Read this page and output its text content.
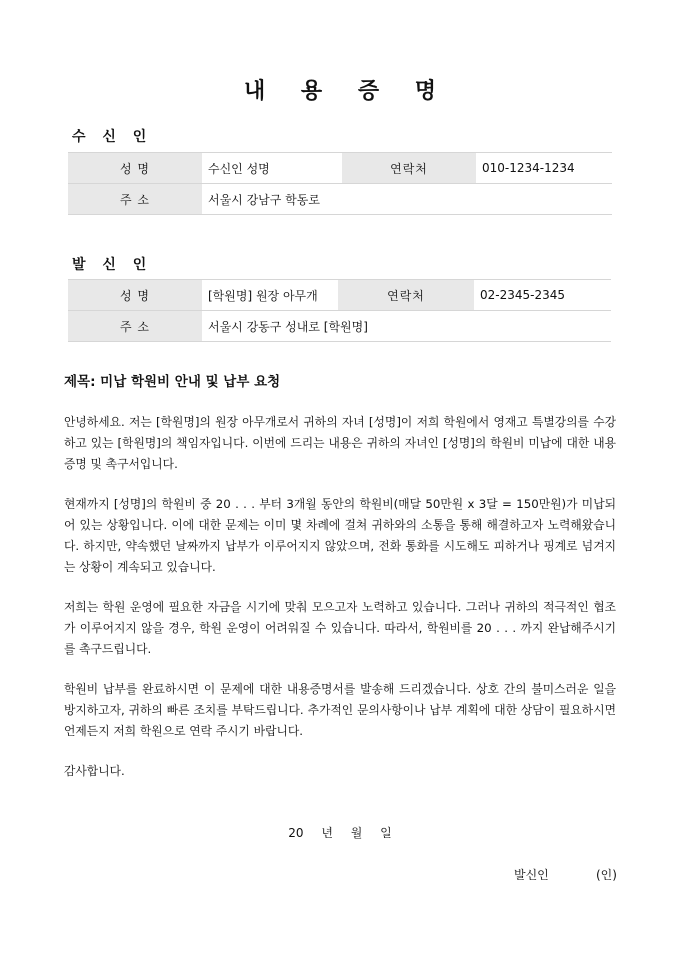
내 용 증 명
수 신 인
성 명	수신인 성명	연락처	010-1234-1234
주 소	서울시 강남구 학동로		
발 신 인
성 명	[학원명] 원장 아무개	연락처	02-2345-2345
주 소	서울시 강동구 성내로 [학원명]		
제목: 미납 학원비 안내 및 납부 요청

안녕하세요. 저는 [학원명]의 원장 아무개로서 귀하의 자녀 [성명]이 저희 학원에서 영재고 특별강의를 수강하고 있는 [학원명]의 책임자입니다. 이번에 드리는 내용은 귀하의 자녀인 [성명]의 학원비 미납에 대한 내용증명 및 촉구서입니다.

현재까지 [성명]의 학원비 중 20 . . . 부터 3개월 동안의 학원비(매달 50만원 x 3달 = 150만원)가 미납되어 있는 상황입니다. 이에 대한 문제는 이미 몇 차례에 걸쳐 귀하와의 소통을 통해 해결하고자 노력해왔습니다. 하지만, 약속했던 날짜까지 납부가 이루어지지 않았으며, 전화 통화를 시도해도 피하거나 핑계로 넘겨지는 상황이 계속되고 있습니다.

저희는 학원 운영에 필요한 자금을 시기에 맞춰 모으고자 노력하고 있습니다. 그러나 귀하의 적극적인 협조가 이루어지지 않을 경우, 학원 운영이 어려워질 수 있습니다. 따라서, 학원비를 20 . . . 까지 완납해주시기를 촉구드립니다.

학원비 납부를 완료하시면 이 문제에 대한 내용증명서를 발송해 드리겠습니다. 상호 간의 불미스러운 일을 방지하고자, 귀하의 빠른 조치를 부탁드립니다. 추가적인 문의사항이나 납부 계획에 대한 상담이 필요하시면 언제든지 저희 학원으로 연락 주시기 바랍니다.

감사합니다.

20 년 월 일
발신인	(인)
